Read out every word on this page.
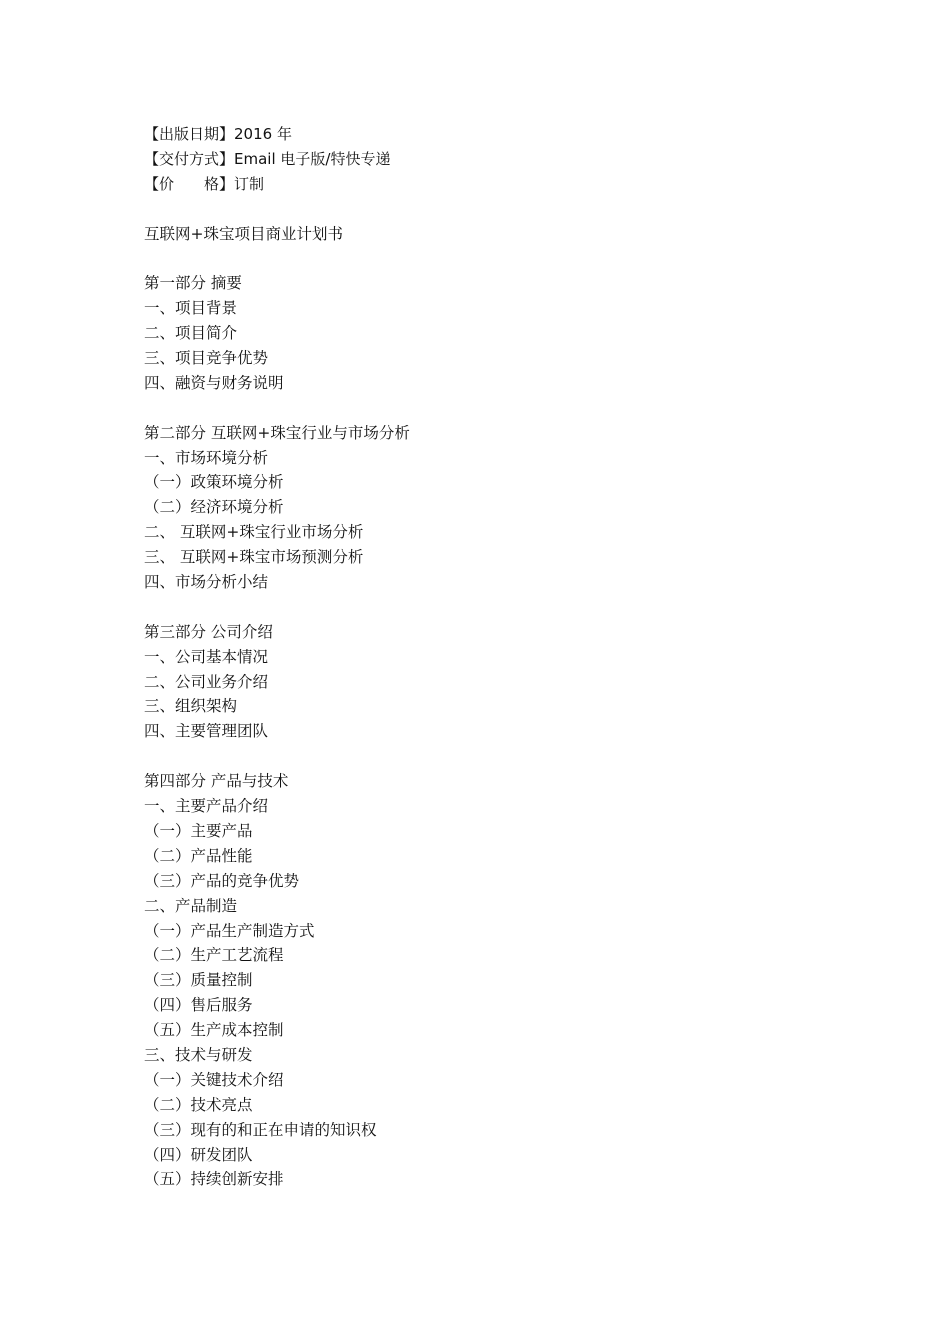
【出版日期】2016 年
【交付方式】Email 电子版/特快专递
【价　　格】订制
互联网+珠宝项目商业计划书
第一部分 摘要
一、项目背景
二、项目简介
三、项目竞争优势
四、融资与财务说明
第二部分 互联网+珠宝行业与市场分析
一、市场环境分析
（一）政策环境分析
（二）经济环境分析
二、 互联网+珠宝行业市场分析
三、 互联网+珠宝市场预测分析
四、市场分析小结
第三部分 公司介绍
一、公司基本情况
二、公司业务介绍
三、组织架构
四、主要管理团队
第四部分 产品与技术
一、主要产品介绍
（一）主要产品
（二）产品性能
（三）产品的竞争优势
二、产品制造
（一）产品生产制造方式
（二）生产工艺流程
（三）质量控制
（四）售后服务
（五）生产成本控制
三、技术与研发
（一）关键技术介绍
（二）技术亮点
（三）现有的和正在申请的知识权
（四）研发团队
（五）持续创新安排
